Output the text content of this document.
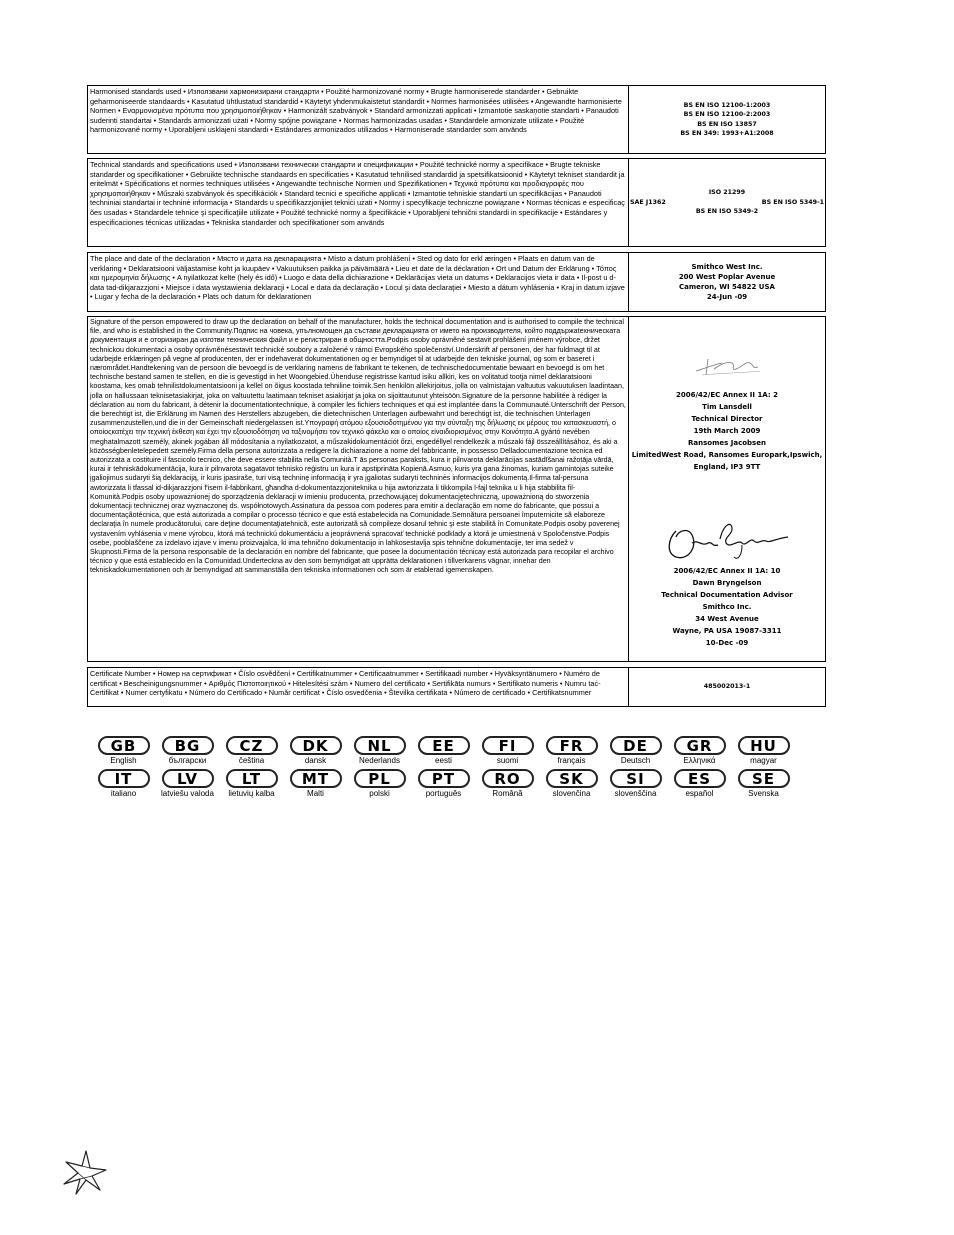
Harmonised standards used • Използвани хармонизирани стандарти • Použité harmonizované normy • Brugte harmoniserede standarder • Gebruikte geharmoniseerde standaards • Kasutatud ühtlustatud standardid • Käytetyt yhdenmukaistetut standardit • Normes harmonisées utilisées • Angewandte harmonisierte Normen • Εναρμονισμένα πρότυπα που χρησιμοποιήθηκαν • Harmonizált szabványok • Standard armonizzati applicati • Izmantotie saskaņotie standarti • Panaudoti suderinti standartai • Standards armonizzati użati • Normy spójne powiązane • Normas harmonizadas usadas • Standardele armonizate utilizate • Použité harmonizované normy • Uporabljeni usklajeni standardi • Estándares armonizados utilizados • Harmoniserade standarder som används
BS EN ISO 12100-1:2003
BS EN ISO 12100-2:2003
BS EN ISO 13857
BS EN 349: 1993+A1:2008
Technical standards and specifications used • Използвани технически стандарти и спецификации • Použité technické normy a specifikace • Brugte tekniske standarder og specifikationer • Gebruikte technische standaards en specificaties • Kasutatud tehnilised standardid ja spetsifikatsioonid • Käytetyt tekniset standardit ja eritelmät • Spécifications et normes techniques utilisées • Angewandte technische Normen und Spezifikationen • Τεχνικά πρότυπα και προδιαγραφές που χρησιμοποιήθηκαν • Műszaki szabványok és specifikációk • Standard tecnici e specifiche applicati • Izmantotie tehniskie standarti un specifikācijas • Panaudoti techniniai standartai ir techninė informacija • Standards u speċifikazzjonijiet tekniċi użati • Normy i specyfikacje techniczne powiązane • Normas técnicas e especificaç ões usadas • Standardele tehnice şi specificaţiile utilizate • Použité technické normy a špecifikácie • Uporabljeni tehnični standardi in specifikacije • Estándares y especificaciones técnicas utilizadas • Tekniska standarder och specifikationer som används
ISO 21299
SAE J1362	BS EN ISO 5349-1
BS EN ISO 5349-2
The place and date of the declaration • Място и дата на декларацията • Místo a datum prohlášení • Sted og dato for erkl æringen • Plaats en datum van de verklaring • Deklaratsiooni väljastamise koht ja kuupäev • Vakuutuksen paikka ja päivämäärä • Lieu et date de la déclaration • Ort und Datum der Erklärung • Τόπος και ημερομηνία δήλωσης • A nyilatkozat kelte (hely és idő) • Luogo e data della dichiarazione • Deklarācijas vieta un datums • Deklaracijos vieta ir data • Il-post u d-data tad-dikjarazzjoni • Miejsce i data wystawienia deklaracji • Local e data da declaração • Locul şi data declaraţiei • Miesto a dátum vyhlásenia • Kraj in datum izjave • Lugar y fecha de la declaración • Plats och datum för deklarationen
Smithco West Inc.
200 West Poplar Avenue
Cameron, WI 54822 USA
24-Jun -09
Signature of the person empowered to draw up the declaration on behalf of the manufacturer, holds the technical documentation and is authorised to compile the technical file, and who is established in the Community.Подпис на човека, упълномощен да състави декларацията от името на производителя, който поддържаtехническата документация и е оторизиран да изготви техническия файл и е регистриран в общността.Podpis osoby oprávněné sestavit prohlášení jménem výrobce, držet technickou dokumentaci a osoby oprávněnésestavit technické soubory a založené v rámci Evropského společenství.Underskrift af personen, der har fuldmagt til at udarbejde erklæringen på vegne af producenten, der er indehaverat dokumentationen og er bemyndiget til at udarbejde den tekniske journal, og som er baseret i nærområdet.Handtekening van de persoon die bevoegd is de verklaring namens de fabrikant te tekenen, de technischedocumentatie bewaart en bevoegd is om het technische bestand samen te stellen, en die is gevestigd in het Woongebied.Ühenduse registrisse kantud isiku allkiri, kes on volitatud tootja nimel deklaratsiooni koostama, kes omab tehnilistdokumentatsiooni ja kellel on õigus koostada tehniline toimik.Sen henkilön allekirjoitus, jolla on valmistajan valtuutus vakuutuksen laadintaan, jolla on hallussaan teknisetasiakirjat, joka on valtuutettu laatimaan tekniset asiakirjat ja joka on sijoittautunut yhteisöön.Signature de la personne habilitée à rédiger la déclaration au nom du fabricant, à détenir la documentationtechnique, à compiler les fichiers techniques et qui est implantée dans la Communauté.Unterschrift der Person, die berechtigt ist, die Erklärung im Namen des Herstellers abzugeben, die dietechnischen Unterlagen aufbewahrt und berechtigt ist, die technischen Unterlagen zusammenzustellen,und die in der Gemeinschaft niedergelassen ist.Υπογραφή ατόμου εξουσιοδοτημένου για την σύνταξη της δήλωσης εκ μέρους του κατασκευαστή, ο οποίοςκατέχει την τεχνική έκθεση και έχει την εξουσιοδότηση να ταξινομήσει τον τεχνικό φάκελο και ο οποίος είναιδιορισμένος στην Κοινότητα.A gyártó nevében meghatalmazott személy, akinek jogában áll módosítania a nyilatkozatot, a műszakidokumentációt őrzi, engedéllyel rendelkezik a műszaki fájl összeállításához, és aki a közösségbenletelepedett személy.Firma della persona autorizzata a redigere la dichiarazione a nome del fabbricante, in possesso Delladocumentazione tecnica ed autorizzata a costituire il fascicolo tecnico, che deve essere stabilita nella Comunità.T ās personas paraksts, kura ir pilnvarota deklarācijas sastādīšanai ražotāja vārdā, kurai ir tehniskādokumentācija, kura ir pilnvarota sagatavot tehnisko reģistru un kura ir apstiprināta Kopienā.Asmuo, kuris yra gana žinomas, kuriam gamintojas suteikė įgaliojimus sudaryti šią deklaraciją, ir kuris įpasiraše, turi visą techninę informaciją ir yra įgaliotas sudaryti techninės informacijos dokumentą.Il-firma tal-persuna awtorizzata li tfassal id-dikjarazzjoni f'isem il-fabbrikant, għandha d-dokumentazzjoniteknika u hija awtorizzata li tikkompila l-fajl teknika u li hija stabbilita fil-Komunità.Podpis osoby upoważnionej do sporządzenia deklaracji w imieniu producenta, przechowującej dokumentacjętechniczną, upoważnioną do stworzenia dokumentacji technicznej oraz wyznaczonej ds. współnotowych.Assinatura da pessoa com poderes para emitir a declaração em nome do fabricante, que possui a documentaçãotécnica, que está autorizada a compilar o processo técnico e que está estabelecida na Comunidade.Semnătura persoanei împuternicite să elaboreze declaraţia în numele producătorului, care deţine documentaţiatehnică, este autorizată să compileze dosarul tehnic şi este stabilită în Comunitate.Podpis osoby poverenej vystavením vyhlásenia v mene výrobcu, ktorá má technickú dokumentáciu a jeoprávnená spracovať technické podklady a ktorá je umiestnená v Spoločenstve.Podpis osebe, pooblaščene za izdelavo izjave v imenu proizvajalca, ki ima tehnično dokumentacijo in lahkosestavlja spis tehnične dokumentacije, ter ima sedež v Skupnosti.Firma de la persona responsable de la declaración en nombre del fabricante, que posee la documentación técnicay está autorizada para recopilar el archivo técnico y que está establecido en la Comunidad.Underteckna av den som bemyndigat att upprätta deklarationen i tillverkarens vägnar, innehar den tekniskadokumentationen och är bemyndigad att sammanställa den tekniska informationen och som är etablerad igemenskapen.
2006/42/EC Annex II 1A: 2
Tim Lansdell
Technical Director
19th March 2009
Ransomes Jacobsen
LimitedWest Road, Ransomes Europark,Ipswich,
England, IP3 9TT
2006/42/EC Annex II 1A: 10
Dawn Bryngelson
Technical Documentation Advisor
Smithco Inc.
34 West Avenue
Wayne, PA USA 19087-3311
10-Dec -09
Certificate Number • Номер на сертификат • Číslo osvědčení • Certifikatnummer • Certificaatnummer • Sertifikaadi number • Hyväksyntänumero • Numéro de certificat • Bescheinigungsnummer • Αριθμός Πιστοποιητικού • Hitelesítési szám • Numero del certificato • Sertifikāta numurs • Sertifikato numeris • Numru taċ-Ċertifikat • Numer certyfikatu • Número do Certificado • Număr certificat • Číslo osvedčenia • Številka certifikata • Número de certificado • Certifikatsnummer
485002013-1
GB
English
BG
български
CZ
čeština
DK
dansk
NL
Nederlands
EE
eesti
FI
suomi
FR
français
DE
Deutsch
GR
Ελληνικά
HU
magyar
IT
italiano
LV
latviešu valoda
LT
lietuvių kalba
MT
Malti
PL
polski
PT
português
RO
Română
SK
slovenčina
SI
slovenščina
ES
español
SE
Svenska
